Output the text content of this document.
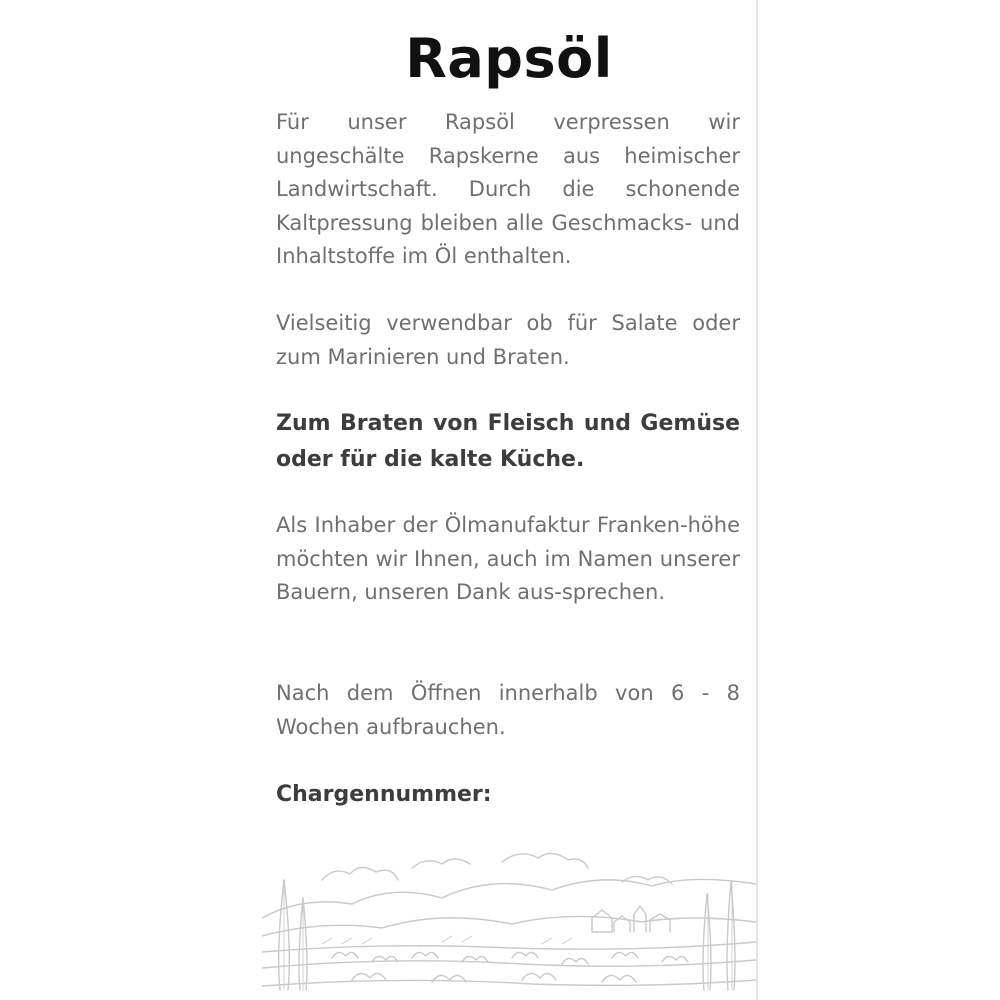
Rapsöl

Für unser Rapsöl verpressen wir ungeschälte Rapskerne aus heimischer Landwirtschaft. Durch die schonende Kaltpressung bleiben alle Geschmacks- und Inhaltstoffe im Öl enthalten.

Vielseitig verwendbar ob für Salate oder zum Marinieren und Braten.

Zum Braten von Fleisch und Gemüse oder für die kalte Küche.

Als Inhaber der Ölmanufaktur Franken-höhe möchten wir Ihnen, auch im Namen unserer Bauern, unseren Dank aus-sprechen.

Nach dem Öffnen innerhalb von 6 - 8 Wochen aufbrauchen.

Chargennummer:
